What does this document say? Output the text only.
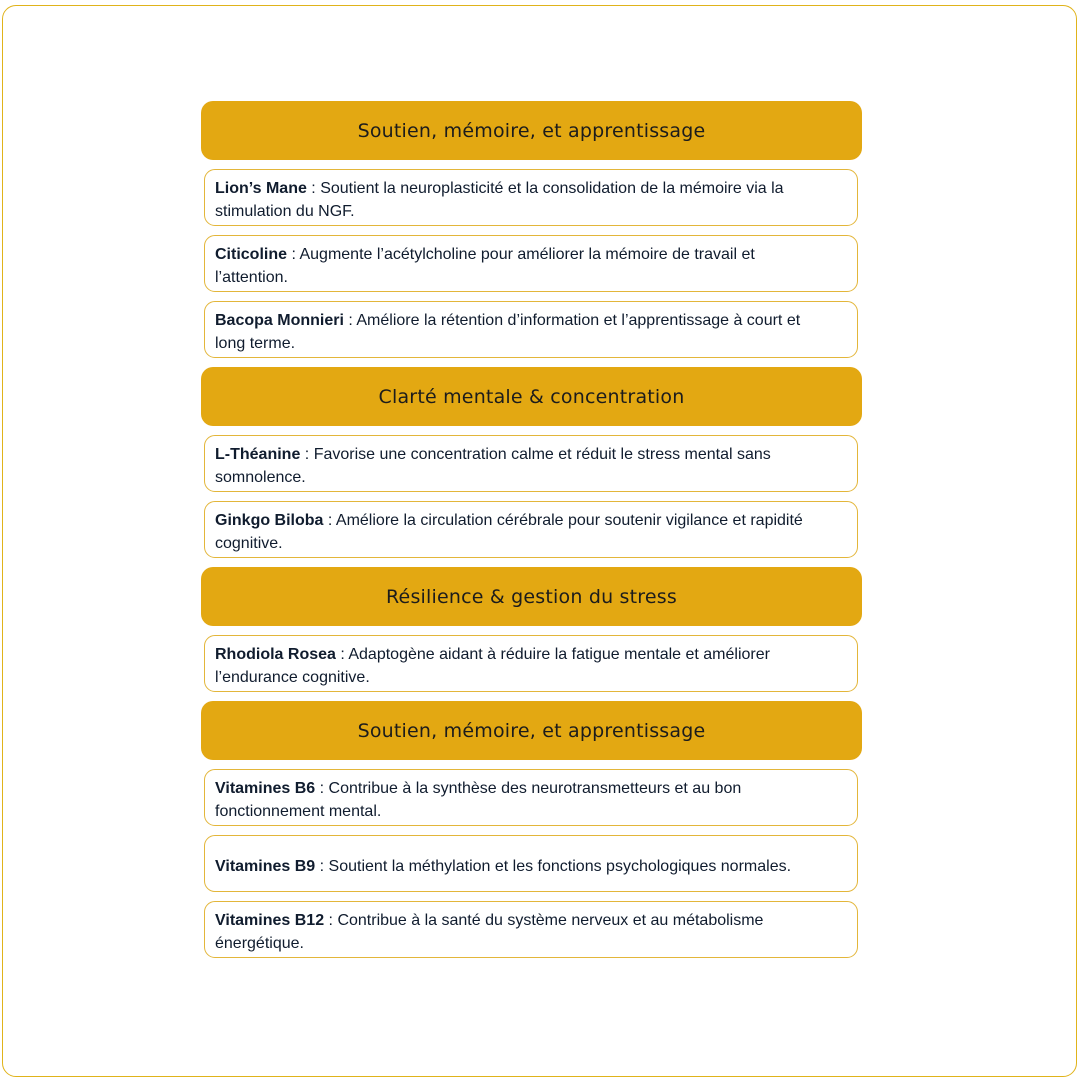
Soutien, mémoire, et apprentissage
Lion’s Mane : Soutient la neuroplasticité et la consolidation de la mémoire via la stimulation du NGF.
Citicoline : Augmente l’acétylcholine pour améliorer la mémoire de travail et l’attention.
Bacopa Monnieri : Améliore la rétention d’information et l’apprentissage à court et long terme.
Clarté mentale & concentration
L-Théanine : Favorise une concentration calme et réduit le stress mental sans somnolence.
Ginkgo Biloba : Améliore la circulation cérébrale pour soutenir vigilance et rapidité cognitive.
Résilience & gestion du stress
Rhodiola Rosea : Adaptogène aidant à réduire la fatigue mentale et améliorer l’endurance cognitive.
Soutien, mémoire, et apprentissage
Vitamines B6 : Contribue à la synthèse des neurotransmetteurs et au bon fonctionnement mental.
Vitamines B9 : Soutient la méthylation et les fonctions psychologiques normales.
Vitamines B12 : Contribue à la santé du système nerveux et au métabolisme énergétique.
